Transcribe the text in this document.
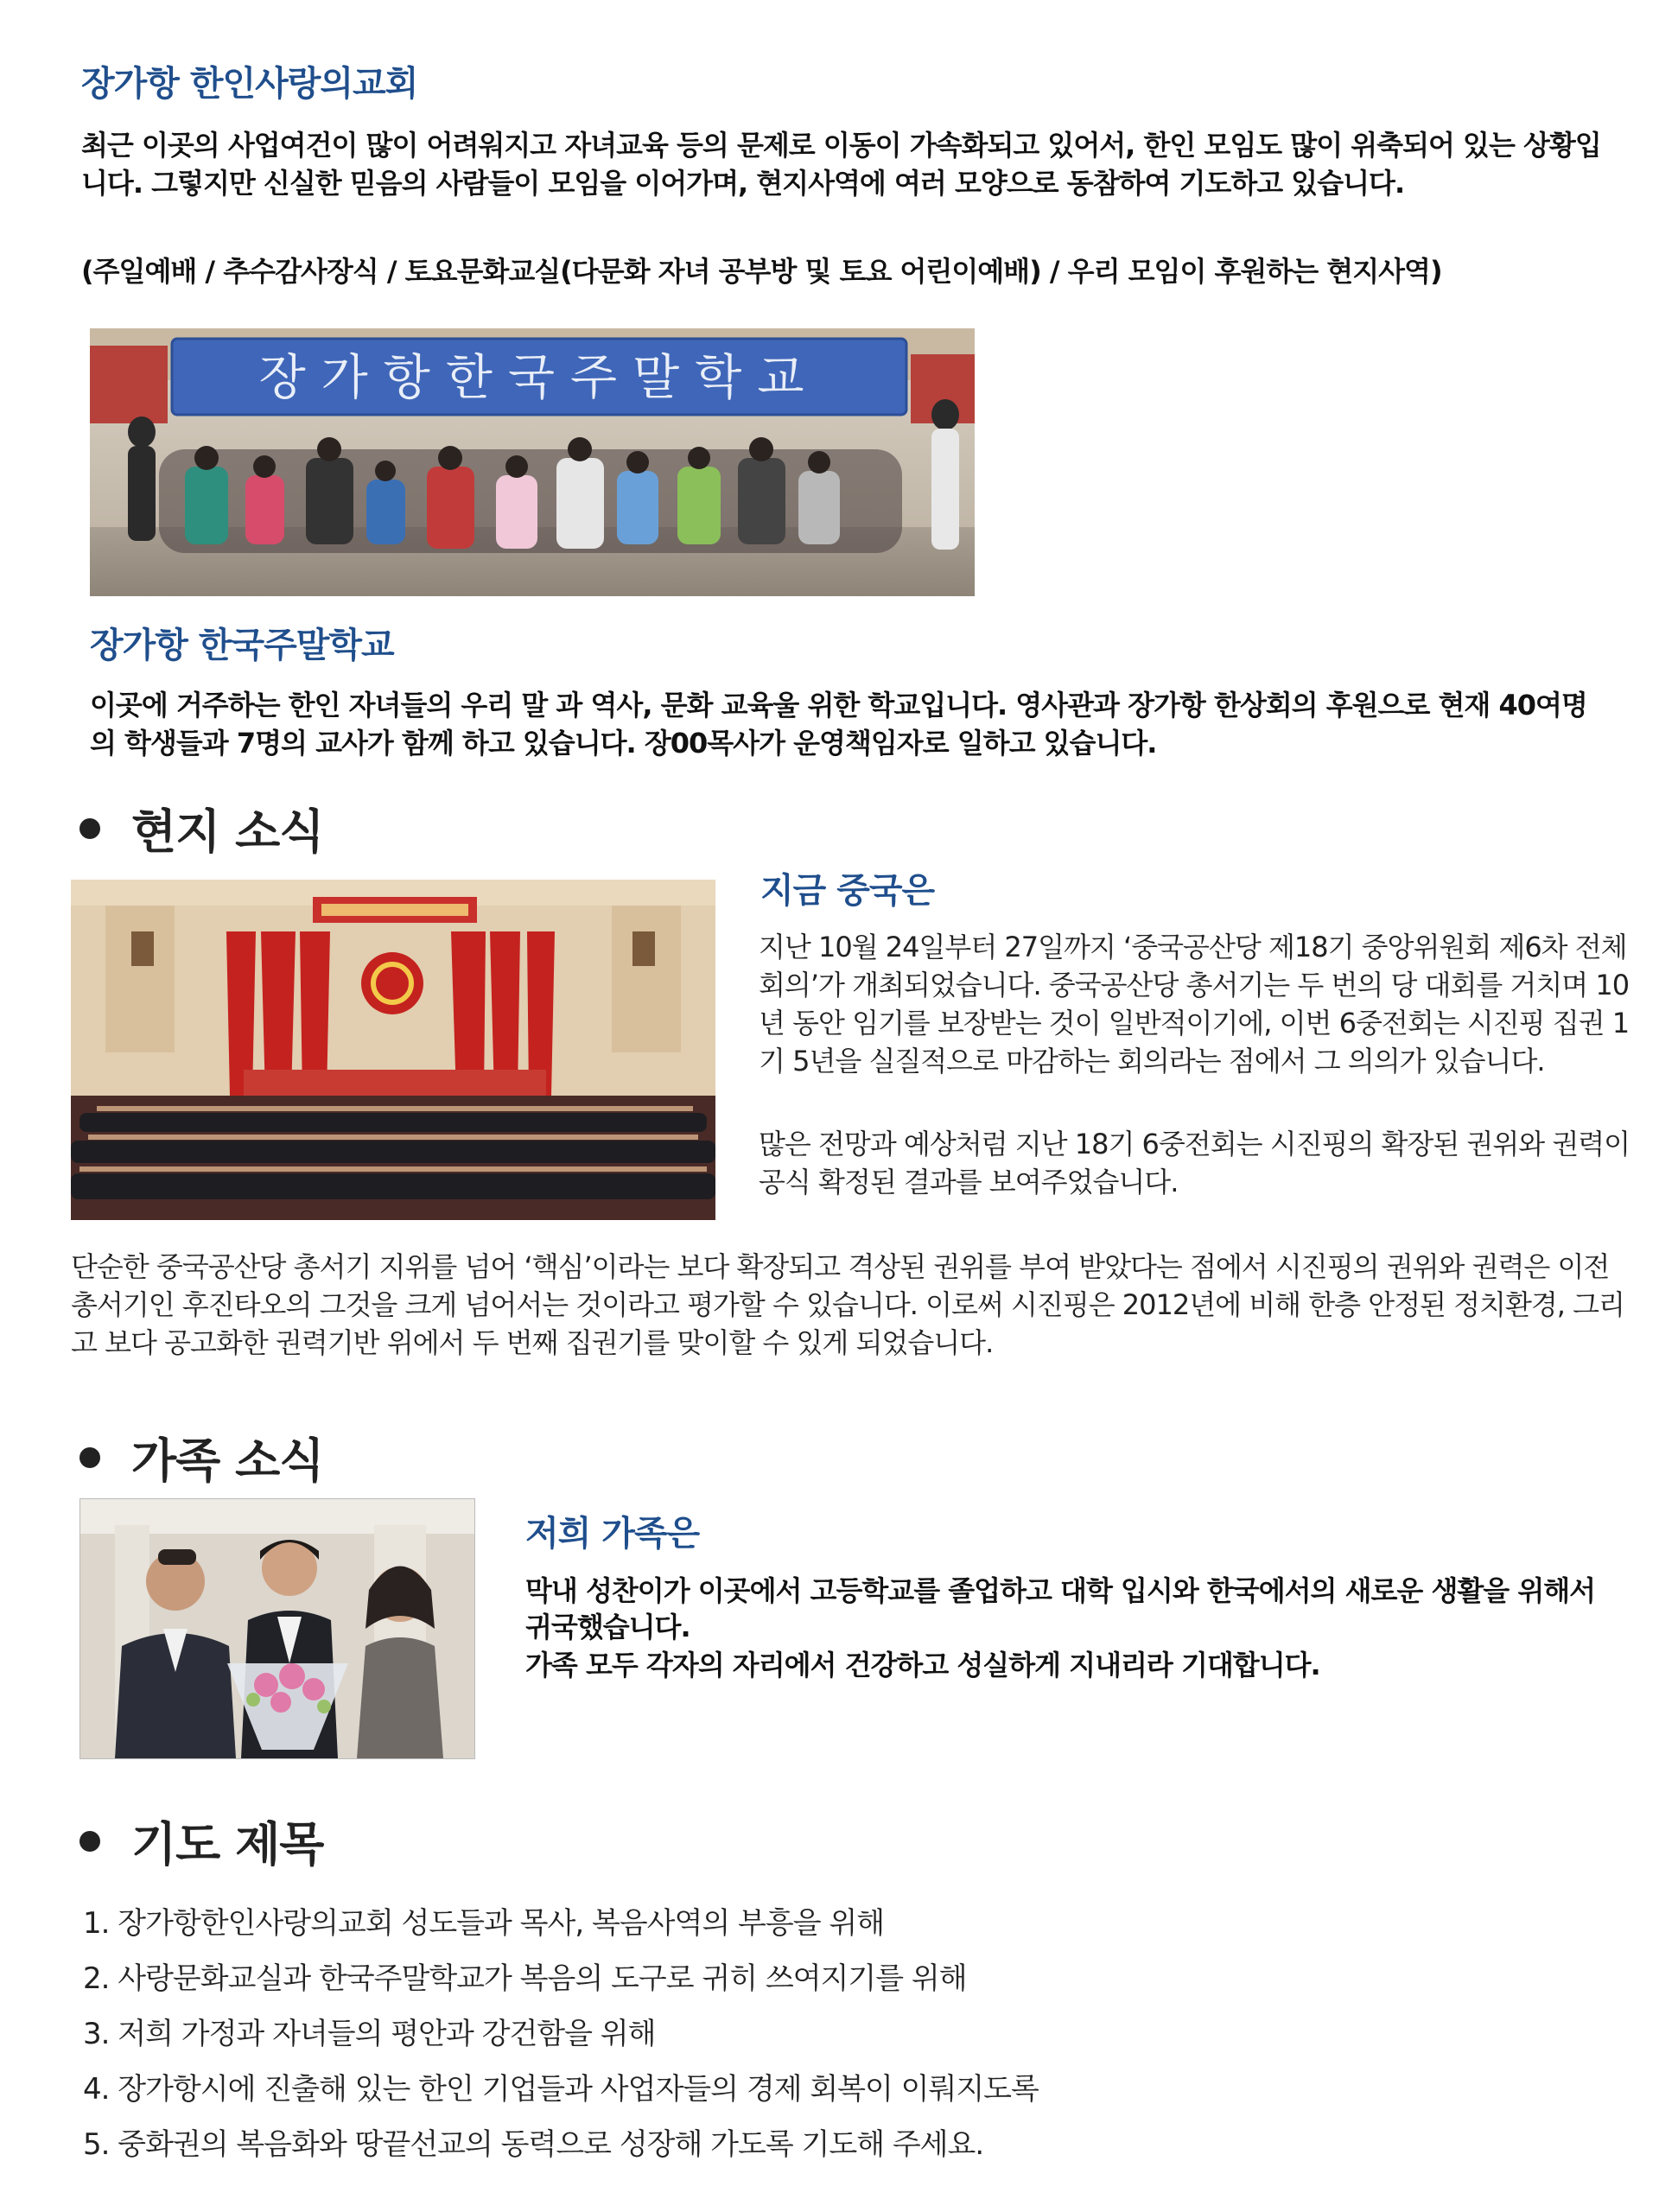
장가항 한인사랑의교회
최근 이곳의 사업여건이 많이 어려워지고 자녀교육 등의 문제로 이동이 가속화되고 있어서, 한인 모임도 많이 위축되어 있는 상황입니다. 그렇지만 신실한 믿음의 사람들이 모임을 이어가며, 현지사역에 여러 모양으로 동참하여 기도하고 있습니다.
(주일예배 / 추수감사장식 / 토요문화교실(다문화 자녀 공부방 및 토요 어린이예배) / 우리 모임이 후원하는 현지사역)
장가항한국주말학교
장가항 한국주말학교
이곳에 거주하는 한인 자녀들의 우리 말 과 역사, 문화 교육울 위한 학교입니다. 영사관과 장가항 한상회의 후원으로 현재 40여명의 학생들과 7명의 교사가 함께 하고 있습니다. 장00목사가 운영책임자로 일하고 있습니다.
현지 소식
지금 중국은
지난 10월 24일부터 27일까지 ‘중국공산당 제18기 중앙위원회 제6차 전체회의’가 개최되었습니다. 중국공산당 총서기는 두 번의 당 대회를 거치며 10년 동안 임기를 보장받는 것이 일반적이기에, 이번 6중전회는 시진핑 집권 1기 5년을 실질적으로 마감하는 회의라는 점에서 그 의의가 있습니다.
많은 전망과 예상처럼 지난 18기 6중전회는 시진핑의 확장된 권위와 권력이 공식 확정된 결과를 보여주었습니다.
단순한 중국공산당 총서기 지위를 넘어 ‘핵심’이라는 보다 확장되고 격상된 권위를 부여 받았다는 점에서 시진핑의 권위와 권력은 이전 총서기인 후진타오의 그것을 크게 넘어서는 것이라고 평가할 수 있습니다. 이로써 시진핑은 2012년에 비해 한층 안정된 정치환경, 그리고 보다 공고화한 권력기반 위에서 두 번째 집권기를 맞이할 수 있게 되었습니다.
가족 소식
저희 가족은
막내 성찬이가 이곳에서 고등학교를 졸업하고 대학 입시와 한국에서의 새로운 생활을 위해서 귀국했습니다.
가족 모두 각자의 자리에서 건강하고 성실하게 지내리라 기대합니다.
기도 제목
1. 장가항한인사랑의교회 성도들과 목사, 복음사역의 부흥을 위해
2. 사랑문화교실과 한국주말학교가 복음의 도구로 귀히 쓰여지기를 위해
3. 저희 가정과 자녀들의 평안과 강건함을 위해
4. 장가항시에 진출해 있는 한인 기업들과 사업자들의 경제 회복이 이뤄지도록
5. 중화권의 복음화와 땅끝선교의 동력으로 성장해 가도록 기도해 주세요.
